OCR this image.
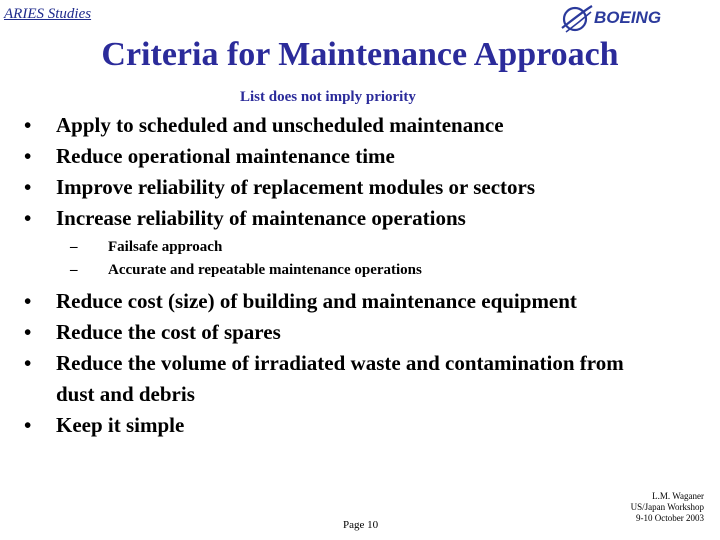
ARIES Studies	BOEING
Criteria for Maintenance Approach
List does not imply priority
• Apply to scheduled and unscheduled maintenance
• Reduce operational maintenance time
• Improve reliability of replacement modules or sectors
• Increase reliability of maintenance operations
– Failsafe approach
– Accurate and repeatable maintenance operations
• Reduce cost (size) of building and maintenance equipment
• Reduce the cost of spares
• Reduce the volume of irradiated waste and contamination from dust and debris
• Keep it simple
Page 10
L.M. Waganer
US/Japan Workshop
9-10 October 2003
